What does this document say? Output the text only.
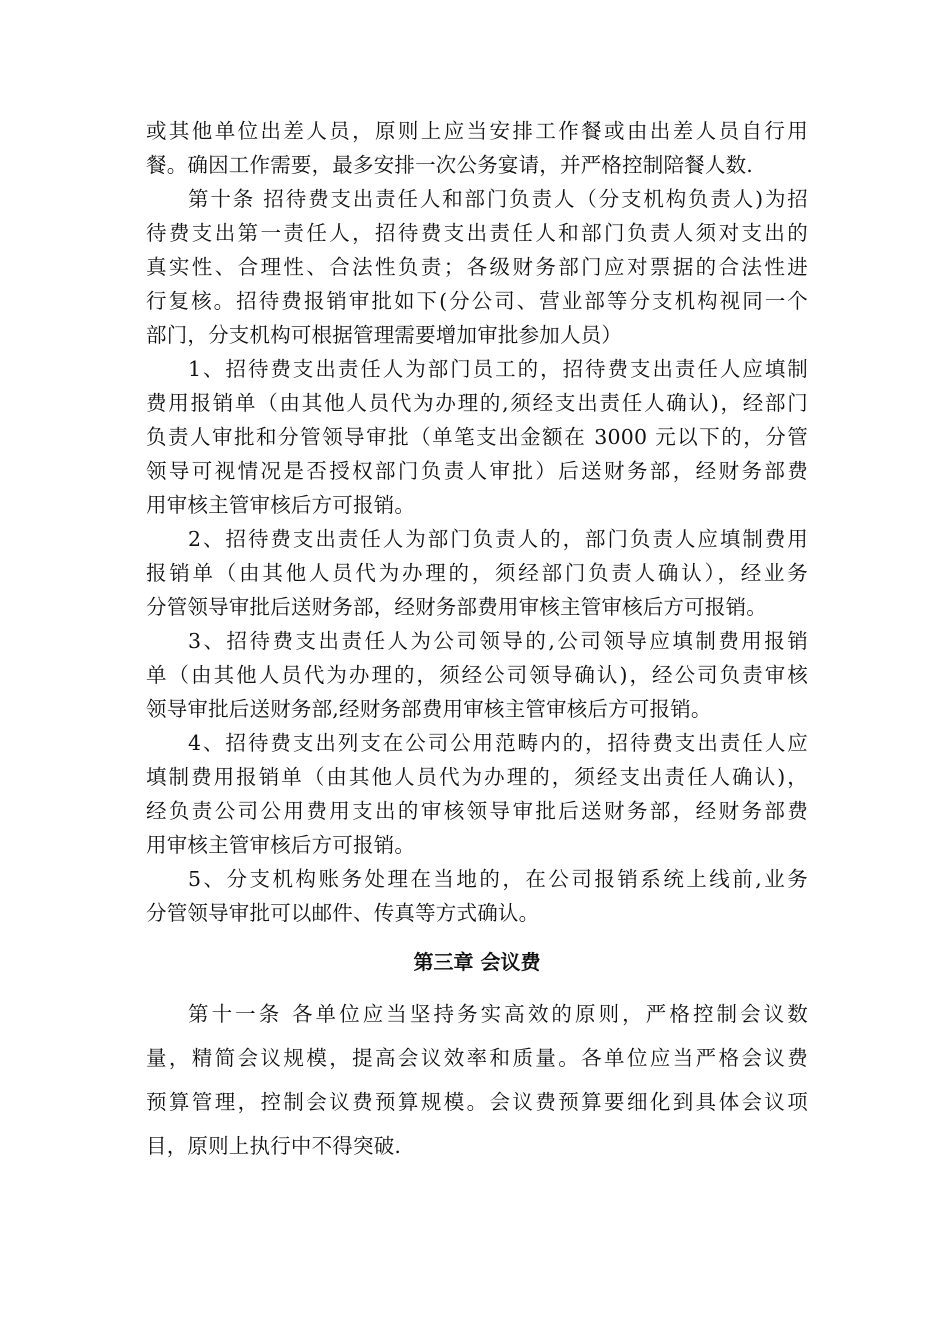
或其他单位出差人员，原则上应当安排工作餐或由出差人员自行用
餐。确因工作需要，最多安排一次公务宴请，并严格控制陪餐人数.
第十条 招待费支出责任人和部门负责人（分支机构负责人)为招
待费支出第一责任人，招待费支出责任人和部门负责人须对支出的
真实性、合理性、合法性负责；各级财务部门应对票据的合法性进
行复核。招待费报销审批如下(分公司、营业部等分支机构视同一个
部门，分支机构可根据管理需要增加审批参加人员）
1、招待费支出责任人为部门员工的，招待费支出责任人应填制
费用报销单（由其他人员代为办理的,须经支出责任人确认)，经部门
负责人审批和分管领导审批（单笔支出金额在 3000 元以下的，分管
领导可视情况是否授权部门负责人审批）后送财务部，经财务部费
用审核主管审核后方可报销。
2、招待费支出责任人为部门负责人的，部门负责人应填制费用
报销单（由其他人员代为办理的，须经部门负责人确认），经业务
分管领导审批后送财务部，经财务部费用审核主管审核后方可报销。
3、招待费支出责任人为公司领导的,公司领导应填制费用报销
单（由其他人员代为办理的，须经公司领导确认)，经公司负责审核
领导审批后送财务部,经财务部费用审核主管审核后方可报销。
4、招待费支出列支在公司公用范畴内的，招待费支出责任人应
填制费用报销单（由其他人员代为办理的，须经支出责任人确认)，
经负责公司公用费用支出的审核领导审批后送财务部，经财务部费
用审核主管审核后方可报销。
5、分支机构账务处理在当地的，在公司报销系统上线前,业务
分管领导审批可以邮件、传真等方式确认。
第三章 会议费
第十一条 各单位应当坚持务实高效的原则，严格控制会议数
量，精简会议规模，提高会议效率和质量。各单位应当严格会议费
预算管理，控制会议费预算规模。会议费预算要细化到具体会议项
目，原则上执行中不得突破.
